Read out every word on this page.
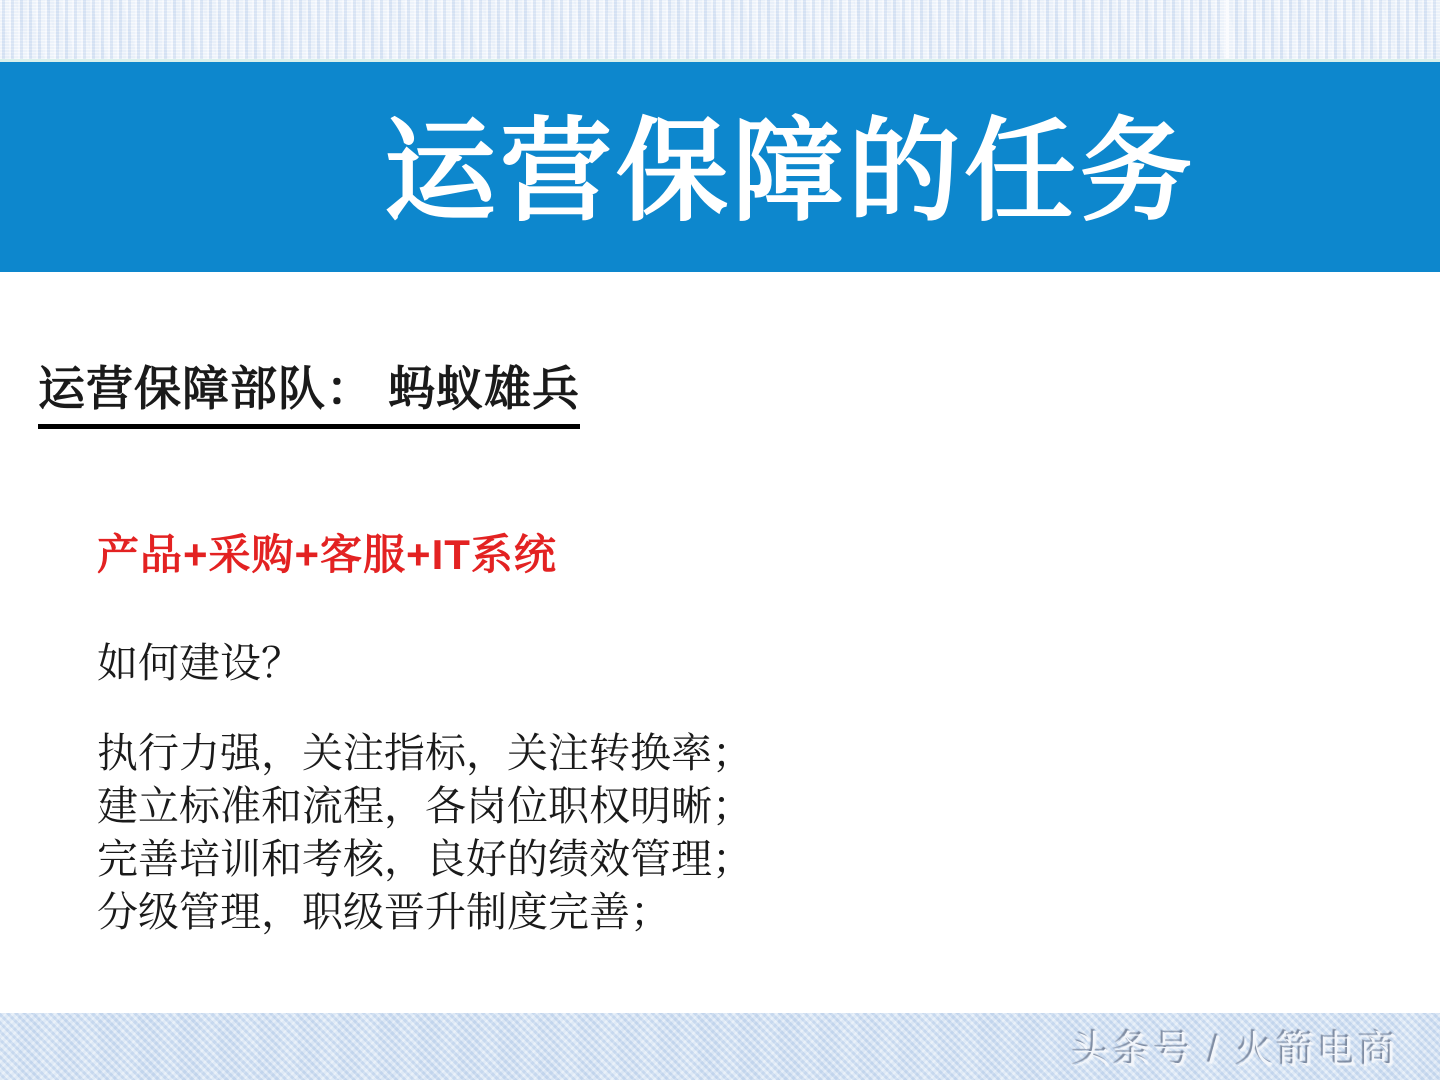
运营保障的任务
运营保障部队： 蚂蚁雄兵
产品+采购+客服+IT系统
如何建设？
执行力强，关注指标，关注转换率；
建立标准和流程，各岗位职权明晰；
完善培训和考核，良好的绩效管理；
分级管理，职级晋升制度完善；
头条号 / 火箭电商
